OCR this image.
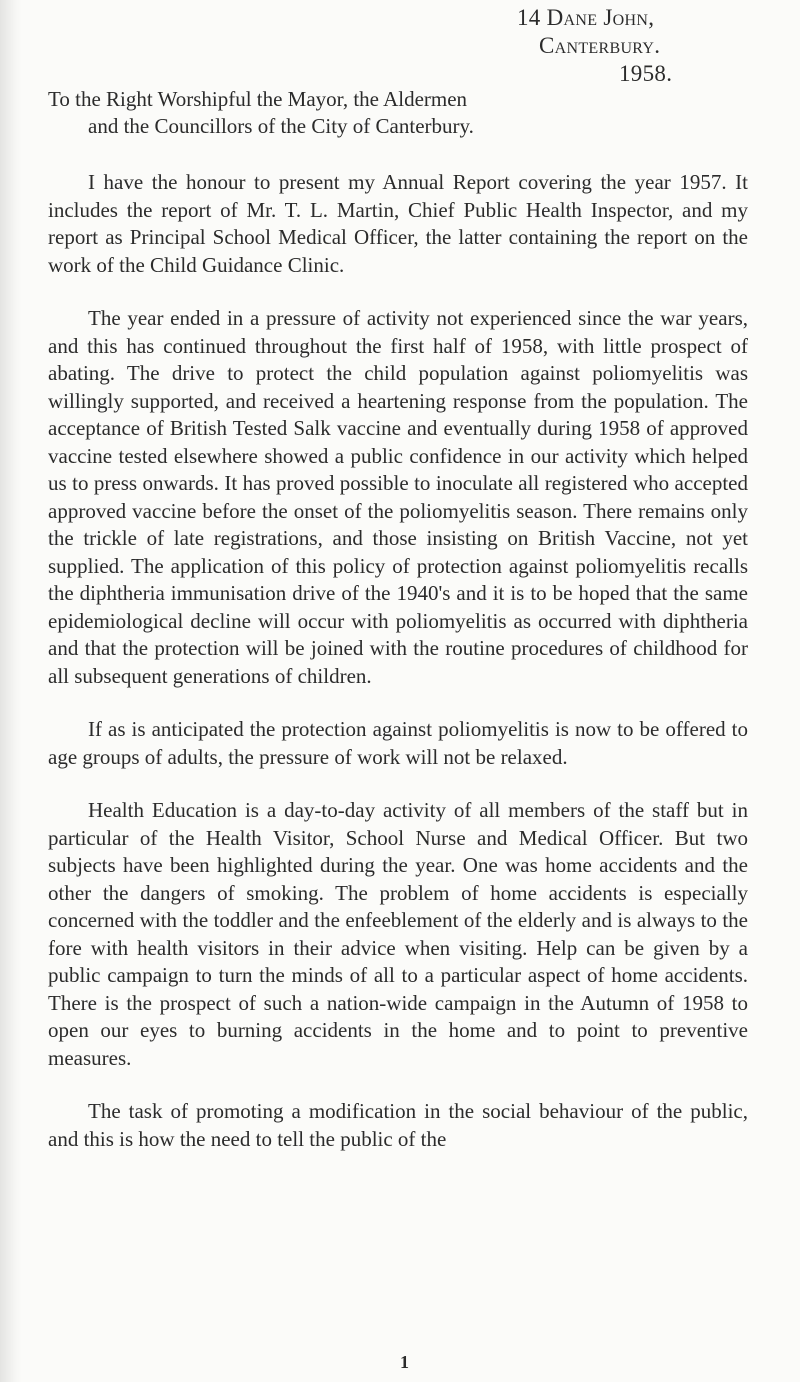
14 Dane John,
Canterbury.
1958.
To the Right Worshipful the Mayor, the Aldermen
and the Councillors of the City of Canterbury.

I have the honour to present my Annual Report covering the year 1957. It includes the report of Mr. T. L. Martin, Chief Public Health Inspector, and my report as Principal School Medical Officer, the latter containing the report on the work of the Child Guidance Clinic.

The year ended in a pressure of activity not experienced since the war years, and this has continued throughout the first half of 1958, with little prospect of abating. The drive to protect the child population against poliomyelitis was willingly supported, and received a heartening response from the population. The acceptance of British Tested Salk vaccine and eventually during 1958 of approved vaccine tested elsewhere showed a public confidence in our activity which helped us to press onwards. It has proved possible to inoculate all registered who accepted approved vaccine before the onset of the poliomyelitis season. There remains only the trickle of late registrations, and those insisting on British Vaccine, not yet supplied. The application of this policy of protection against poliomyelitis recalls the diphtheria immunisation drive of the 1940's and it is to be hoped that the same epidemiological decline will occur with poliomyelitis as occurred with diphtheria and that the protection will be joined with the routine procedures of childhood for all subsequent generations of children.

If as is anticipated the protection against poliomyelitis is now to be offered to age groups of adults, the pressure of work will not be relaxed.

Health Education is a day-to-day activity of all members of the staff but in particular of the Health Visitor, School Nurse and Medical Officer. But two subjects have been highlighted during the year. One was home accidents and the other the dangers of smoking. The problem of home accidents is especially concerned with the toddler and the enfeeblement of the elderly and is always to the fore with health visitors in their advice when visiting. Help can be given by a public campaign to turn the minds of all to a particular aspect of home accidents. There is the prospect of such a nation-wide campaign in the Autumn of 1958 to open our eyes to burning accidents in the home and to point to preventive measures.

The task of promoting a modification in the social behaviour of the public, and this is how the need to tell the public of the

1
